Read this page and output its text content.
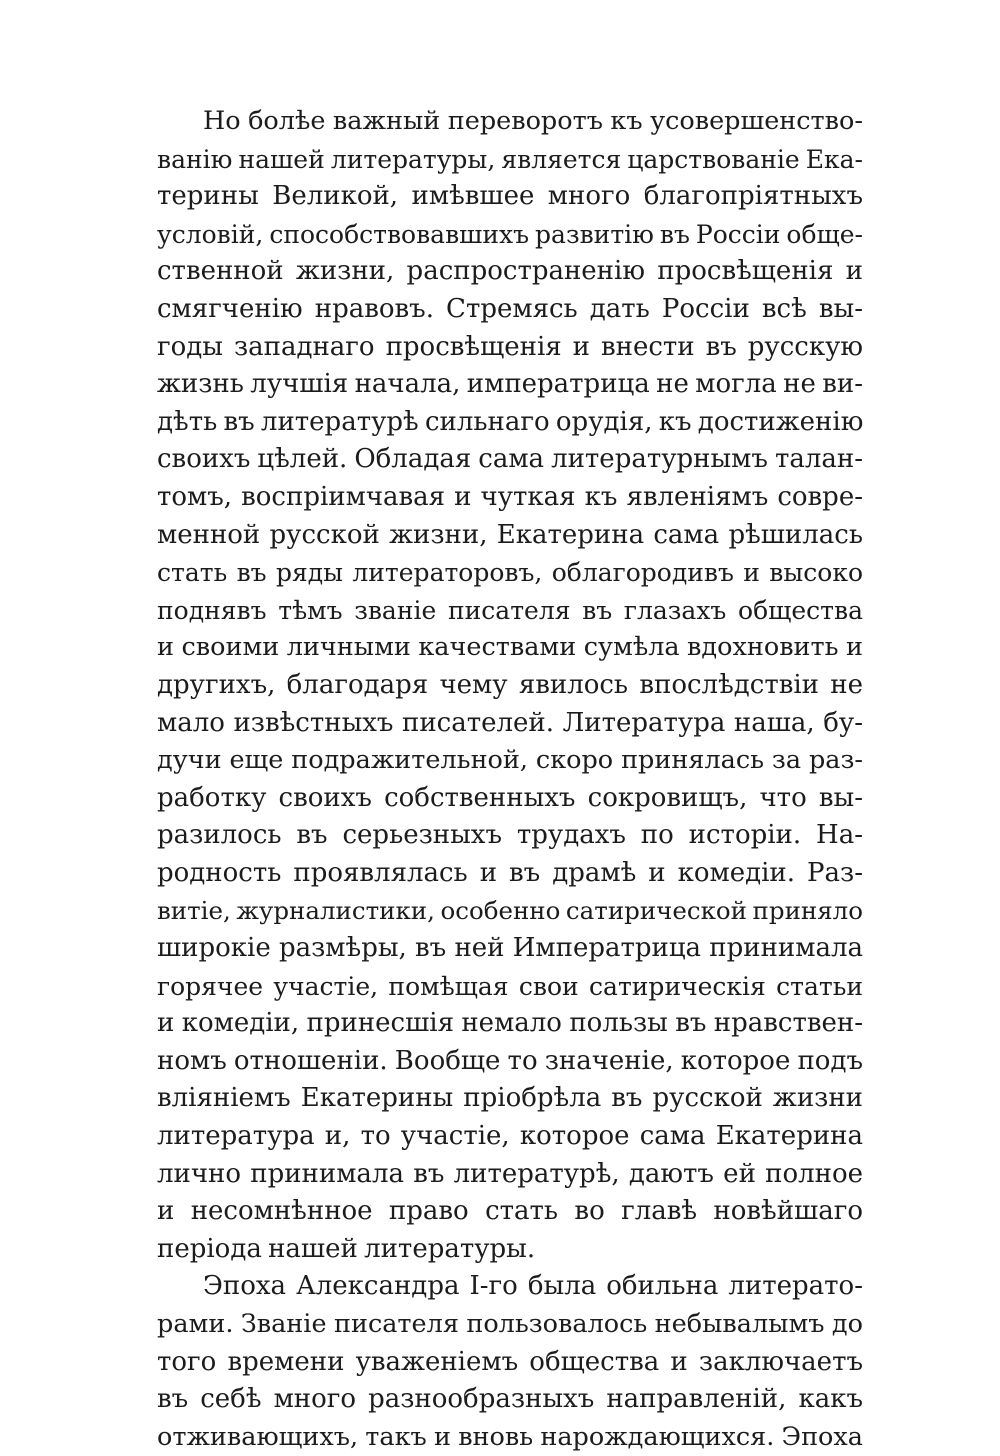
Но болѣе важный переворотъ къ усовершенство-
ванію нашей литературы, является царствованіе Ека-
терины Великой, имѣвшее много благопріятныхъ
условій, способствовавшихъ развитію въ Россіи обще-
ственной жизни, распространенію просвѣщенія и
смягченію нравовъ. Стремясь дать Россіи всѣ вы-
годы западнаго просвѣщенія и внести въ русскую
жизнь лучшія начала, императрица не могла не ви-
дѣть въ литературѣ сильнаго орудія, къ достиженію
своихъ цѣлей. Обладая сама литературнымъ талан-
томъ, воспріимчавая и чуткая къ явленіямъ совре-
менной русской жизни, Екатерина сама рѣшилась
стать въ ряды литераторовъ, облагородивъ и высоко
поднявъ тѣмъ званіе писателя въ глазахъ общества
и своими личными качествами сумѣла вдохновить и
другихъ, благодаря чему явилось впослѣдствіи не
мало извѣстныхъ писателей. Литература наша, бу-
дучи еще подражительной, скоро принялась за раз-
работку своихъ собственныхъ сокровищъ, что вы-
разилось въ серьезныхъ трудахъ по исторіи. На-
родность проявлялась и въ драмѣ и комедіи. Раз-
витіе, журналистики, особенно сатирической приняло
широкіе размѣры, въ ней Императрица принимала
горячее участіе, помѣщая свои сатирическія статьи
и комедіи, принесшія немало пользы въ нравствен-
номъ отношеніи. Вообще то значеніе, которое подъ
вліяніемъ Екатерины пріобрѣла въ русской жизни
литература и, то участіе, которое сама Екатерина
лично принимала въ литературѣ, даютъ ей полное
и несомнѣнное право стать во главѣ новѣйшаго
періода нашей литературы.
Эпоха Александра I-го была обильна литерато-
рами. Званіе писателя пользовалось небывалымъ до
того времени уваженіемъ общества и заключаетъ
въ себѣ много разнообразныхъ направленій, какъ
отживающихъ, такъ и вновь нарождающихся. Эпоха
